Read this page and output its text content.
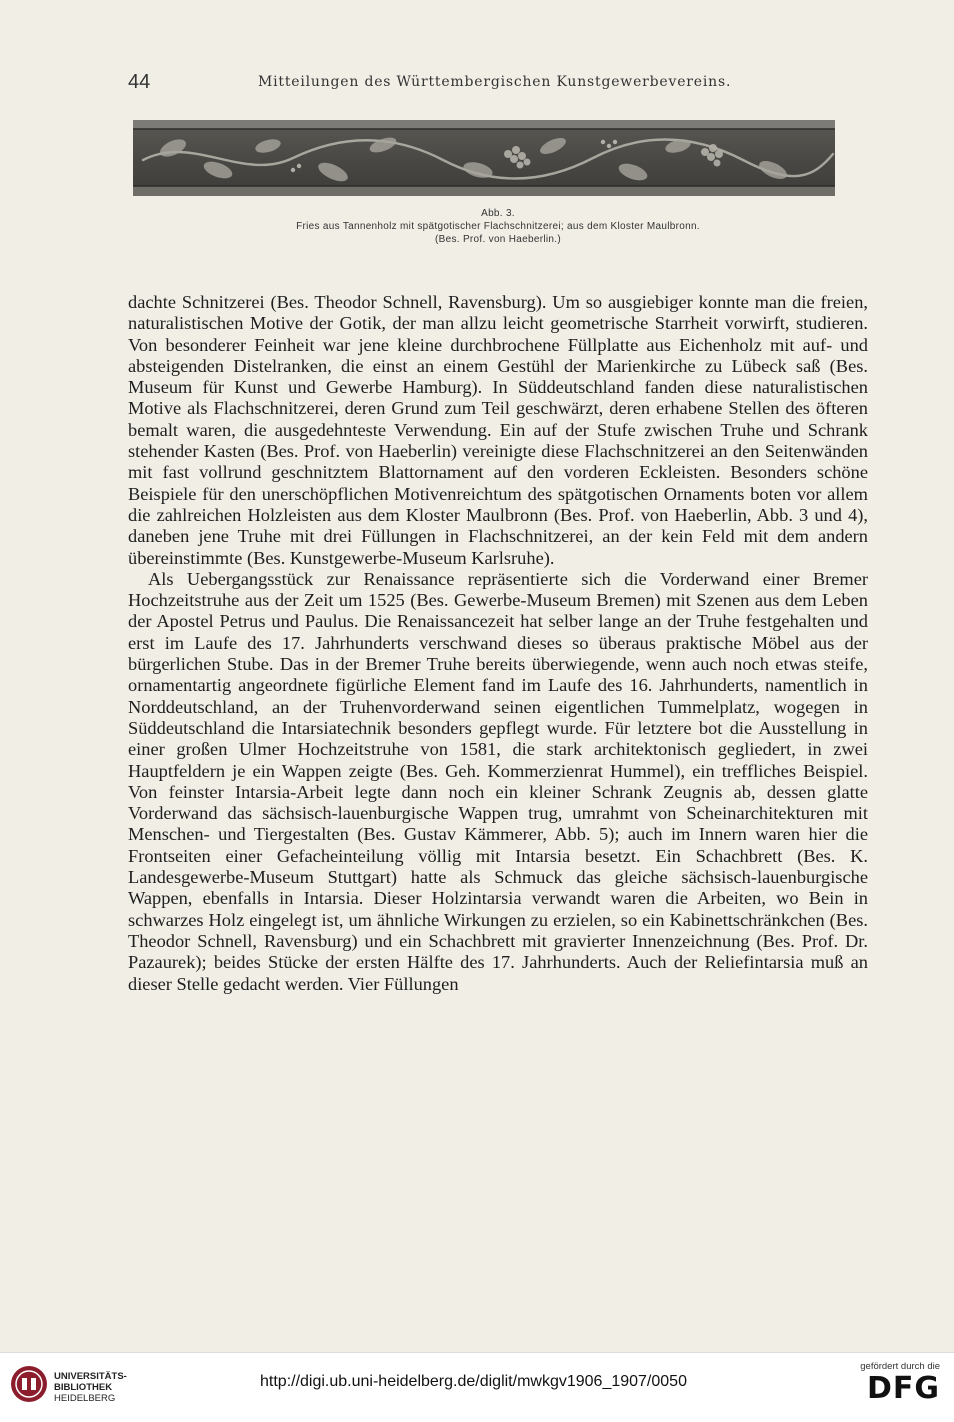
44	Mitteilungen des Württembergischen Kunstgewerbevereins.
Abb. 3.
Fries aus Tannenholz mit spätgotischer Flachschnitzerei; aus dem Kloster Maulbronn.
(Bes. Prof. von Haeberlin.)

dachte Schnitzerei (Bes. Theodor Schnell, Ravensburg). Um so ausgiebiger konnte man die freien, naturalistischen Motive der Gotik, der man allzu leicht geometrische Starrheit vorwirft, studieren. Von besonderer Feinheit war jene kleine durchbrochene Füllplatte aus Eichenholz mit auf- und absteigenden Distelranken, die einst an einem Gestühl der Marienkirche zu Lübeck saß (Bes. Museum für Kunst und Gewerbe Hamburg). In Süddeutschland fanden diese naturalistischen Motive als Flachschnitzerei, deren Grund zum Teil geschwärzt, deren erhabene Stellen des öfteren bemalt waren, die ausgedehnteste Verwendung. Ein auf der Stufe zwischen Truhe und Schrank stehender Kasten (Bes. Prof. von Haeberlin) vereinigte diese Flachschnitzerei an den Seitenwänden mit fast vollrund geschnitztem Blattornament auf den vorderen Eckleisten. Besonders schöne Beispiele für den unerschöpflichen Motivenreichtum des spätgotischen Ornaments boten vor allem die zahlreichen Holzleisten aus dem Kloster Maulbronn (Bes. Prof. von Haeberlin, Abb. 3 und 4), daneben jene Truhe mit drei Füllungen in Flachschnitzerei, an der kein Feld mit dem andern übereinstimmte (Bes. Kunstgewerbe-Museum Karlsruhe).

Als Uebergangsstück zur Renaissance repräsentierte sich die Vorderwand einer Bremer Hochzeitstruhe aus der Zeit um 1525 (Bes. Gewerbe-Museum Bremen) mit Szenen aus dem Leben der Apostel Petrus und Paulus. Die Renaissancezeit hat selber lange an der Truhe festgehalten und erst im Laufe des 17. Jahrhunderts verschwand dieses so überaus praktische Möbel aus der bürgerlichen Stube. Das in der Bremer Truhe bereits überwiegende, wenn auch noch etwas steife, ornamentartig angeordnete figürliche Element fand im Laufe des 16. Jahrhunderts, namentlich in Norddeutschland, an der Truhenvorderwand seinen eigentlichen Tummelplatz, wogegen in Süddeutschland die Intarsiatechnik besonders gepflegt wurde. Für letztere bot die Ausstellung in einer großen Ulmer Hochzeitstruhe von 1581, die stark architektonisch gegliedert, in zwei Hauptfeldern je ein Wappen zeigte (Bes. Geh. Kommerzienrat Hummel), ein treffliches Beispiel. Von feinster Intarsia-Arbeit legte dann noch ein kleiner Schrank Zeugnis ab, dessen glatte Vorderwand das sächsisch-lauenburgische Wappen trug, umrahmt von Scheinarchitekturen mit Menschen- und Tiergestalten (Bes. Gustav Kämmerer, Abb. 5); auch im Innern waren hier die Frontseiten einer Gefacheinteilung völlig mit Intarsia besetzt. Ein Schachbrett (Bes. K. Landesgewerbe-Museum Stuttgart) hatte als Schmuck das gleiche sächsisch-lauenburgische Wappen, ebenfalls in Intarsia. Dieser Holzintarsia verwandt waren die Arbeiten, wo Bein in schwarzes Holz eingelegt ist, um ähnliche Wirkungen zu erzielen, so ein Kabinettschränkchen (Bes. Theodor Schnell, Ravensburg) und ein Schachbrett mit gravierter Innenzeichnung (Bes. Prof. Dr. Pazaurek); beides Stücke der ersten Hälfte des 17. Jahrhunderts. Auch der Reliefintarsia muß an dieser Stelle gedacht werden. Vier Füllungen

UNIVERSITÄTS-
BIBLIOTHEK
HEIDELBERG
http://digi.ub.uni-heidelberg.de/diglit/mwkgv1906_1907/0050
gefördert durch die
DFG
